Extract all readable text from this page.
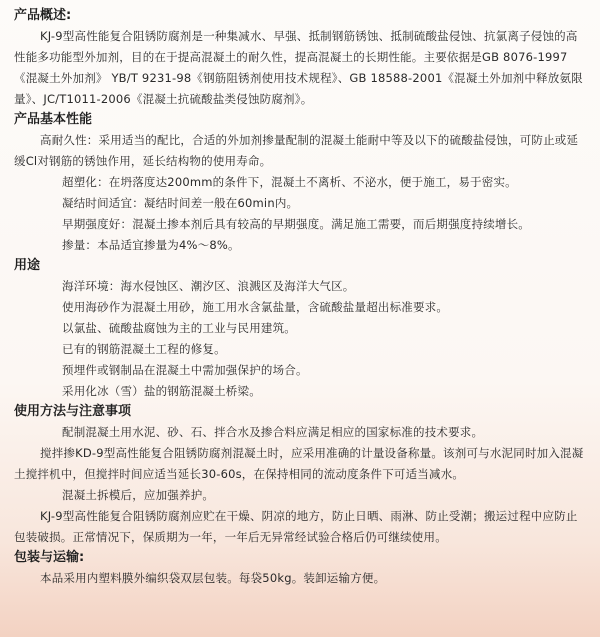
产品概述:

KJ-9型高性能复合阻锈防腐剂是一种集减水、早强、抵制钢筋锈蚀、抵制硫酸盐侵蚀、抗氯离子侵蚀的高性能多功能型外加剂，目的在于提高混凝土的耐久性，提高混凝土的长期性能。主要依据是GB 8076-1997《混凝土外加剂》 YB/T 9231-98《钢筋阻锈剂使用技术规程》、GB 18588-2001《混凝土外加剂中释放氨限量》、JC/T1011-2006《混凝土抗硫酸盐类侵蚀防腐剂》。

产品基本性能

高耐久性：采用适当的配比，合适的外加剂掺量配制的混凝土能耐中等及以下的硫酸盐侵蚀，可防止或延缓Cl对钢筋的锈蚀作用，延长结构物的使用寿命。

超塑化：在坍落度达200mm的条件下，混凝土不离析、不泌水，便于施工，易于密实。

凝结时间适宜：凝结时间差一般在60min内。

早期强度好：混凝土掺本剂后具有较高的早期强度。满足施工需要，而后期强度持续增长。

掺量：本品适宜掺量为4%～8%。

用途

海洋环境：海水侵蚀区、潮汐区、浪溅区及海洋大气区。

使用海砂作为混凝土用砂，施工用水含氯盐量，含硫酸盐量超出标准要求。

以氯盐、硫酸盐腐蚀为主的工业与民用建筑。

已有的钢筋混凝土工程的修复。

预埋件或钢制品在混凝土中需加强保护的场合。

采用化冰（雪）盐的钢筋混凝土桥梁。

使用方法与注意事项

配制混凝土用水泥、砂、石、拌合水及掺合料应满足相应的国家标准的技术要求。

搅拌掺KD-9型高性能复合阻锈防腐剂混凝土时，应采用准确的计量设备称量。该剂可与水泥同时加入混凝土搅拌机中，但搅拌时间应适当延长30-60s，在保持相同的流动度条件下可适当减水。

混凝土拆模后，应加强养护。

KJ-9型高性能复合阻锈防腐剂应贮在干燥、阴凉的地方，防止日晒、雨淋、防止受潮；搬运过程中应防止包装破损。正常情况下，保质期为一年，一年后无异常经试验合格后仍可继续使用。

包装与运输:

本品采用内塑料膜外编织袋双层包装。每袋50kg。装卸运输方便。
